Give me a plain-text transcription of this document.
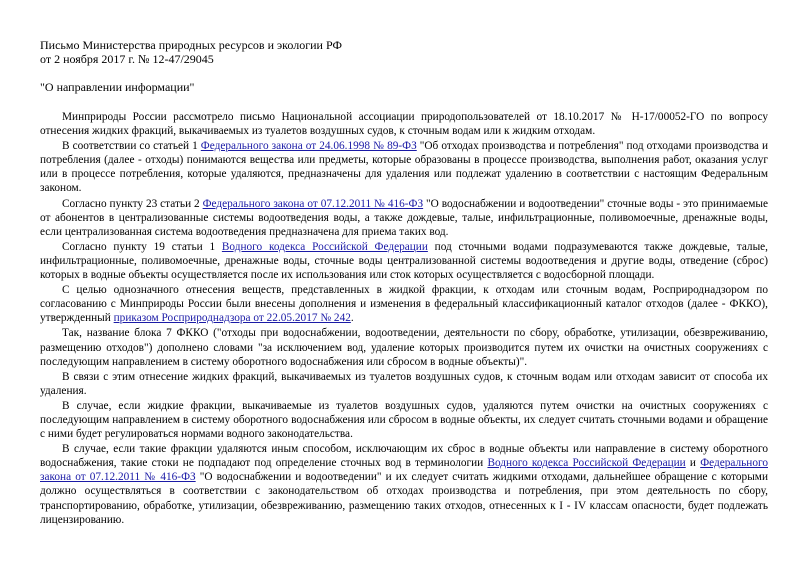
Письмо Министерства природных ресурсов и экологии РФ

от 2 ноября 2017 г. № 12-47/29045

"О направлении информации"

Минприроды России рассмотрело письмо Национальной ассоциации природопользователей от 18.10.2017 № Н-17/00052-ГО по вопросу отнесения жидких фракций, выкачиваемых из туалетов воздушных судов, к сточным водам или к жидким отходам.

В соответствии со статьей 1 Федерального закона от 24.06.1998 № 89-ФЗ "Об отходах производства и потребления" под отходами производства и потребления (далее - отходы) понимаются вещества или предметы, которые образованы в процессе производства, выполнения работ, оказания услуг или в процессе потребления, которые удаляются, предназначены для удаления или подлежат удалению в соответствии с настоящим Федеральным законом.

Согласно пункту 23 статьи 2 Федерального закона от 07.12.2011 № 416-ФЗ "О водоснабжении и водоотведении" сточные воды - это принимаемые от абонентов в централизованные системы водоотведения воды, а также дождевые, талые, инфильтрационные, поливомоечные, дренажные воды, если централизованная система водоотведения предназначена для приема таких вод.

Согласно пункту 19 статьи 1 Водного кодекса Российской Федерации под сточными водами подразумеваются также дождевые, талые, инфильтрационные, поливомоечные, дренажные воды, сточные воды централизованной системы водоотведения и другие воды, отведение (сброс) которых в водные объекты осуществляется после их использования или сток которых осуществляется с водосборной площади.

С целью однозначного отнесения веществ, представленных в жидкой фракции, к отходам или сточным водам, Росприроднадзором по согласованию с Минприроды России были внесены дополнения и изменения в федеральный классификационный каталог отходов (далее - ФККО), утвержденный приказом Росприроднадзора от 22.05.2017 № 242.

Так, название блока 7 ФККО ("отходы при водоснабжении, водоотведении, деятельности по сбору, обработке, утилизации, обезвреживанию, размещению отходов") дополнено словами "за исключением вод, удаление которых производится путем их очистки на очистных сооружениях с последующим направлением в систему оборотного водоснабжения или сбросом в водные объекты)".

В связи с этим отнесение жидких фракций, выкачиваемых из туалетов воздушных судов, к сточным водам или отходам зависит от способа их удаления.

В случае, если жидкие фракции, выкачиваемые из туалетов воздушных судов, удаляются путем очистки на очистных сооружениях с последующим направлением в систему оборотного водоснабжения или сбросом в водные объекты, их следует считать сточными водами и обращение с ними будет регулироваться нормами водного законодательства.

В случае, если такие фракции удаляются иным способом, исключающим их сброс в водные объекты или направление в систему оборотного водоснабжения, такие стоки не подпадают под определение сточных вод в терминологии Водного кодекса Российской Федерации и Федерального закона от 07.12.2011 № 416-ФЗ "О водоснабжении и водоотведении" и их следует считать жидкими отходами, дальнейшее обращение с которыми должно осуществляться в соответствии с законодательством об отходах производства и потребления, при этом деятельность по сбору, транспортированию, обработке, утилизации, обезвреживанию, размещению таких отходов, отнесенных к I - IV классам опасности, будет подлежать лицензированию.
